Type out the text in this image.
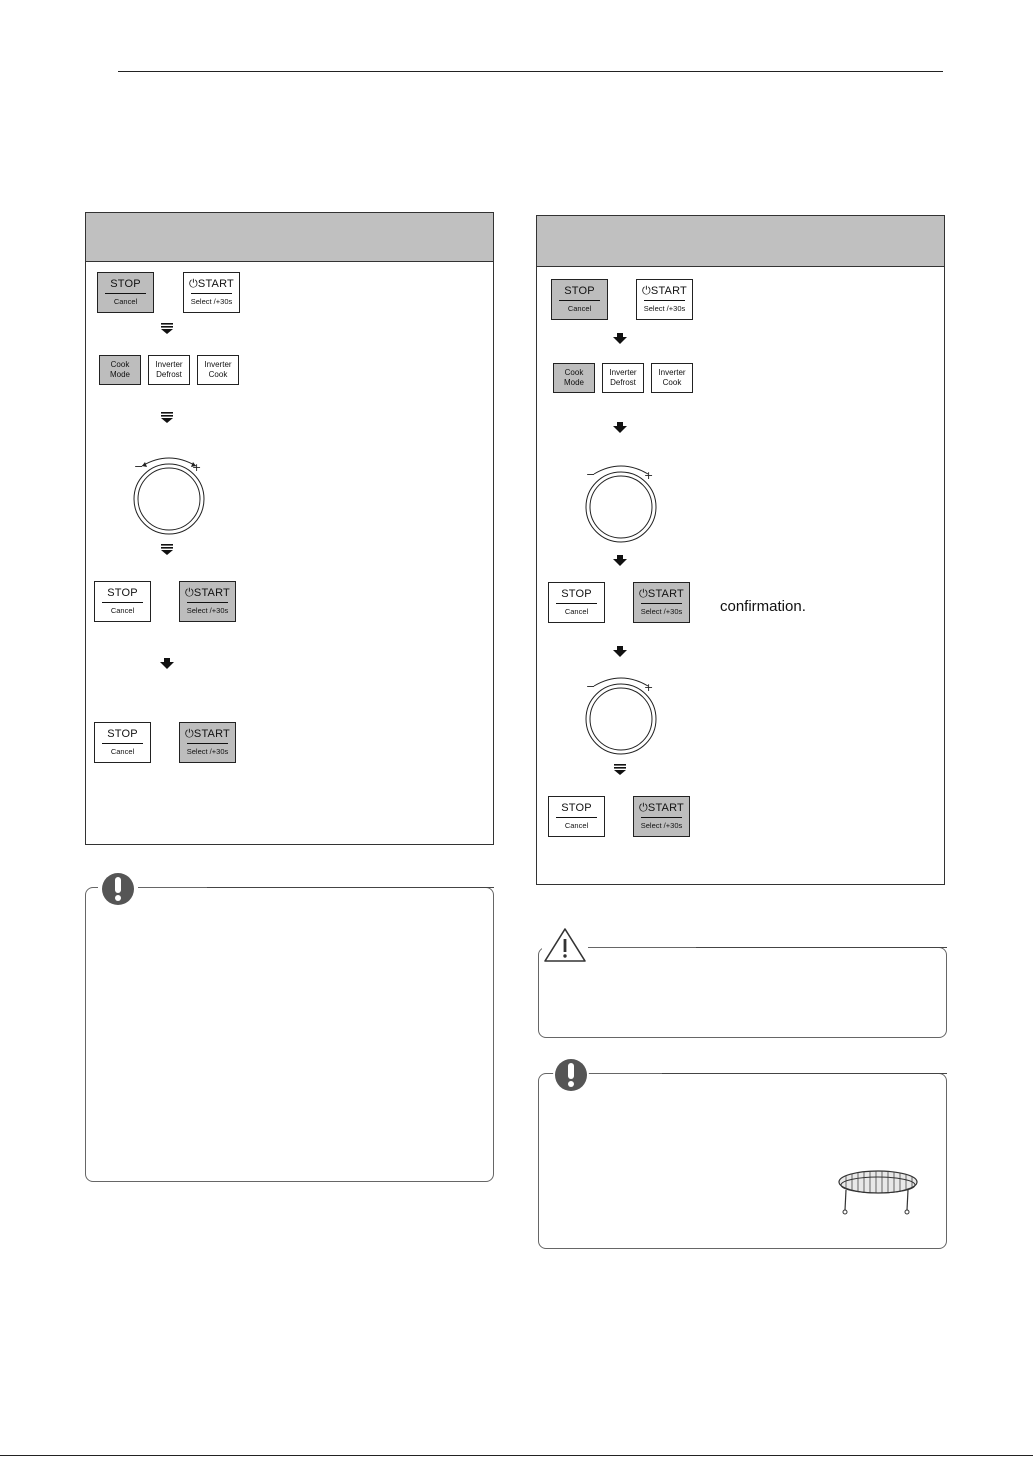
STOP
Cancel
⏻START
Select /+30s
Cook
Mode
Inverter
Defrost
Inverter
Cook
−	+
STOP
Cancel
⏻START
Select /+30s
STOP
Cancel
⏻START
Select /+30s
STOP
Cancel
⏻START
Select /+30s
Cook
Mode
Inverter
Defrost
Inverter
Cook
−	+
STOP
Cancel
⏻START
Select /+30s	confirmation.
−	+
STOP
Cancel
⏻START
Select /+30s
